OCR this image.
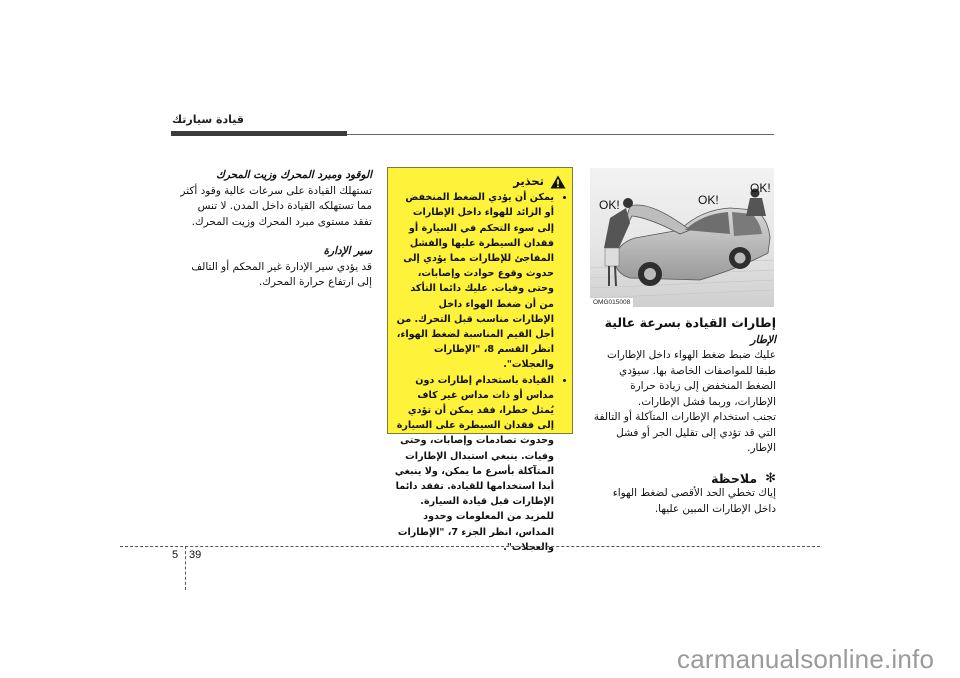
قيادة سيارتك
الوقود ومبرد المحرك وزيت المحرك
تستهلك القيادة على سرعات عالية وقود أكثر مما تستهلكه القيادة داخل المدن. لا تنس تفقد مستوى مبرد المحرك وزيت المحرك.
سير الإدارة
قد يؤدي سير الإدارة غير المحكم أو التالف إلى ارتفاع حرارة المحرك.
تحذير
• يمكن أن يؤدي الضغط المنخفض أو الزائد للهواء داخل الإطارات إلى سوء التحكم في السيارة أو فقدان السيطرة عليها والفشل المفاجئ للإطارات مما يؤدي إلى حدوث وقوع حوادث وإصابات، وحتى وفيات. عليك دائما التأكد من أن ضغط الهواء داخل الإطارات مناسب قبل التحرك. من أجل القيم المناسبة لضغط الهواء، انظر القسم 8، "الإطارات والعجلات".
• القيادة باستخدام إطارات دون مداس أو ذات مداس غير كاف يُمثل خطرا، فقد يمكن أن تؤدي إلى فقدان السيطرة على السيارة وحدوث تصادمات وإصابات، وحتى وفيات. ينبغي استبدال الإطارات المتآكلة بأسرع ما يمكن، ولا ينبغي أبدا استخدامها للقيادة. تفقد دائما الإطارات قبل قيادة السيارة. للمزيد من المعلومات وحدود المداس، انظر الجزء 7، "الإطارات والعجلات".
OK!	OK!
OK!
OMG015008
إطارات القيادة بسرعة عالية
الإطار
عليك ضبط ضغط الهواء داخل الإطارات طبقا للمواصفات الخاصة بها. سيؤدي الضغط المنخفض إلى زيادة حرارة الإطارات، وربما فشل الإطارات.
تجنب استخدام الإطارات المتآكلة أو التالفة التي قد تؤدي إلى تقليل الجر أو فشل الإطار.
✻
ملاحظة
إياك تخطي الحد الأقصى لضغط الهواء داخل الإطارات المبين عليها.
5 39
carmanualsonline.info
